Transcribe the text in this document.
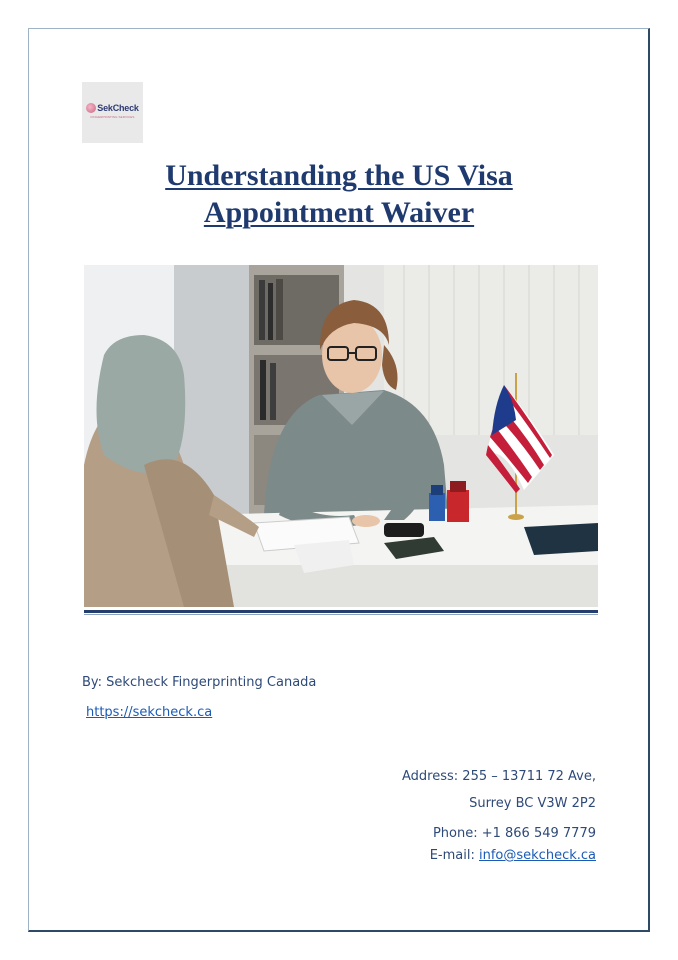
SekCheck
FINGERPRINTING SERVICES
Understanding the US Visa
Appointment Waiver
By: Sekcheck Fingerprinting Canada
https://sekcheck.ca
Address: 255 – 13711 72 Ave,
Surrey BC V3W 2P2
Phone: +1 866 549 7779
E-mail: info@sekcheck.ca
